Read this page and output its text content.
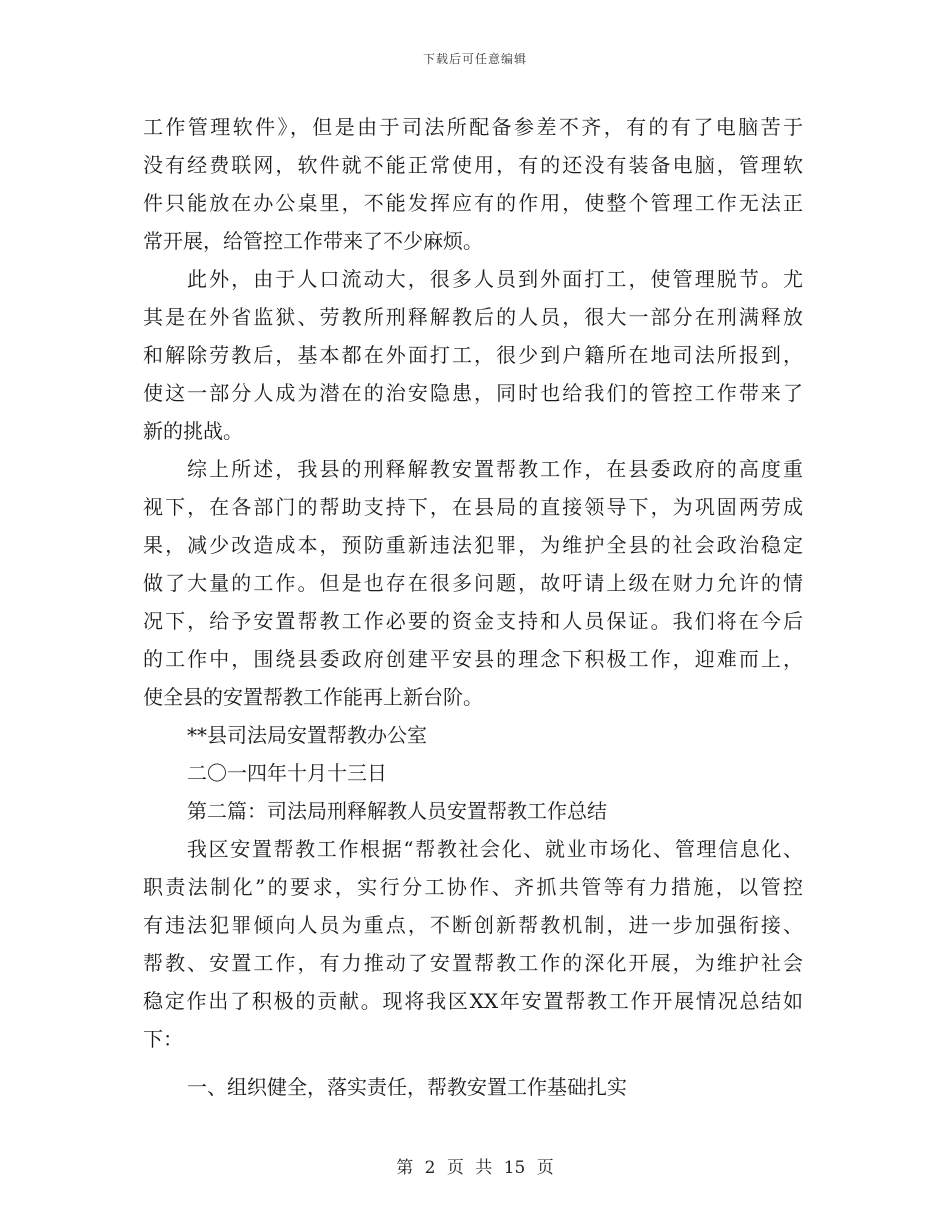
下载后可任意编辑
工作管理软件》，但是由于司法所配备参差不齐，有的有了电脑苦于
没有经费联网，软件就不能正常使用，有的还没有装备电脑，管理软
件只能放在办公桌里，不能发挥应有的作用，使整个管理工作无法正
常开展，给管控工作带来了不少麻烦。
此外，由于人口流动大，很多人员到外面打工，使管理脱节。尤
其是在外省监狱、劳教所刑释解教后的人员，很大一部分在刑满释放
和解除劳教后，基本都在外面打工，很少到户籍所在地司法所报到，
使这一部分人成为潜在的治安隐患，同时也给我们的管控工作带来了
新的挑战。
综上所述，我县的刑释解教安置帮教工作，在县委政府的高度重
视下，在各部门的帮助支持下，在县局的直接领导下，为巩固两劳成
果，减少改造成本，预防重新违法犯罪，为维护全县的社会政治稳定
做了大量的工作。但是也存在很多问题，故吁请上级在财力允许的情
况下，给予安置帮教工作必要的资金支持和人员保证。我们将在今后
的工作中，围绕县委政府创建平安县的理念下积极工作，迎难而上，
使全县的安置帮教工作能再上新台阶。
**县司法局安置帮教办公室
二〇一四年十月十三日
第二篇：司法局刑释解教人员安置帮教工作总结
我区安置帮教工作根据“帮教社会化、就业市场化、管理信息化、
职责法制化”的要求，实行分工协作、齐抓共管等有力措施，以管控
有违法犯罪倾向人员为重点，不断创新帮教机制，进一步加强衔接、
帮教、安置工作，有力推动了安置帮教工作的深化开展，为维护社会
稳定作出了积极的贡献。现将我区XX年安置帮教工作开展情况总结如
下：
一、组织健全，落实责任，帮教安置工作基础扎实
第 2 页 共 15 页
